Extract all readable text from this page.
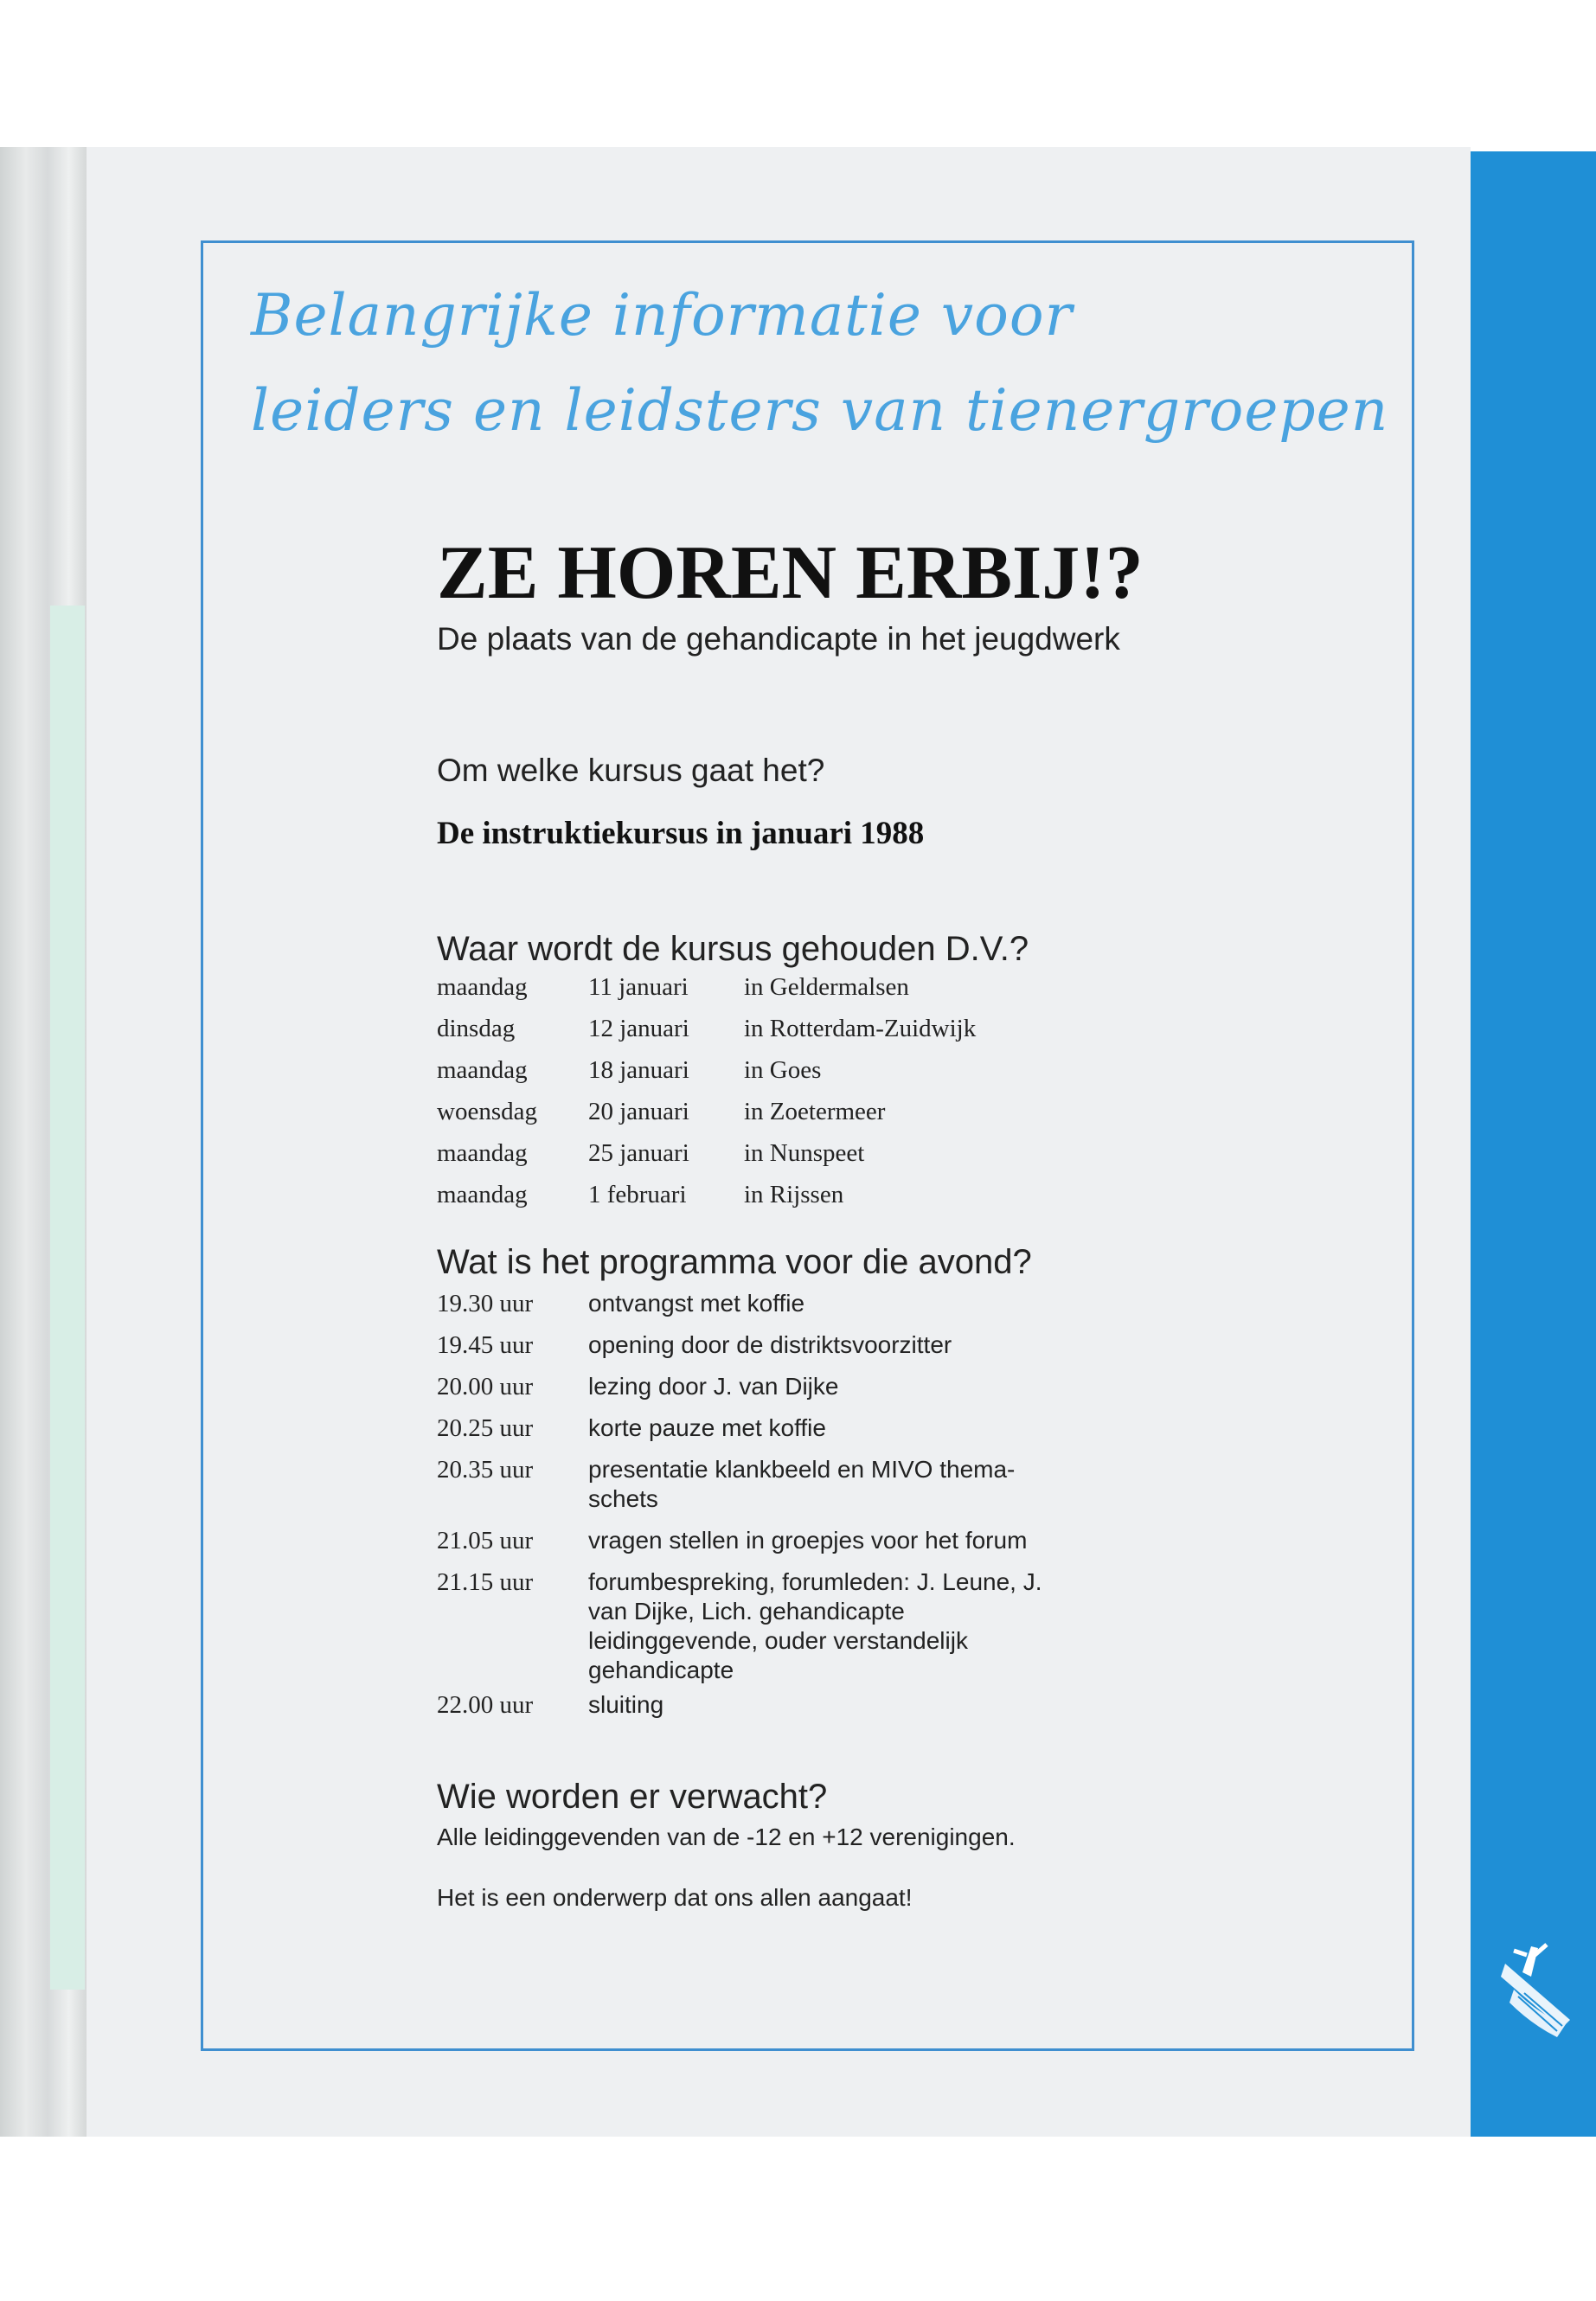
Belangrijke informatie voor
leiders en leidsters van tienergroepen
ZE HOREN ERBIJ!?
De plaats van de gehandicapte in het jeugdwerk
Om welke kursus gaat het?
De instruktiekursus in januari 1988
Waar wordt de kursus gehouden D.V.?
maandag 11 januari in Geldermalsen
dinsdag	12 januari in Rotterdam-Zuidwijk
maandag 18 januari in Goes
woensdag 20 januari in Zoetermeer
maandag 25 januari in Nunspeet
maandag 1 februari in Rijssen
Wat is het programma voor die avond?
19.30 uur	ontvangst met koffie
19.45 uur	opening door de distriktsvoorzitter
20.00 uur	lezing door J. van Dijke
20.25 uur	korte pauze met koffie
20.35 uur	presentatie klankbeeld en MIVO thema-schets
21.05 uur	vragen stellen in groepjes voor het forum
21.15 uur	forumbespreking, forumleden: J. Leune, J. van Dijke, Lich. gehandicapte leidinggevende, ouder verstandelijk gehandicapte
22.00 uur	sluiting
Wie worden er verwacht?
Alle leidinggevenden van de -12 en +12 verenigingen.
Het is een onderwerp dat ons allen aangaat!
